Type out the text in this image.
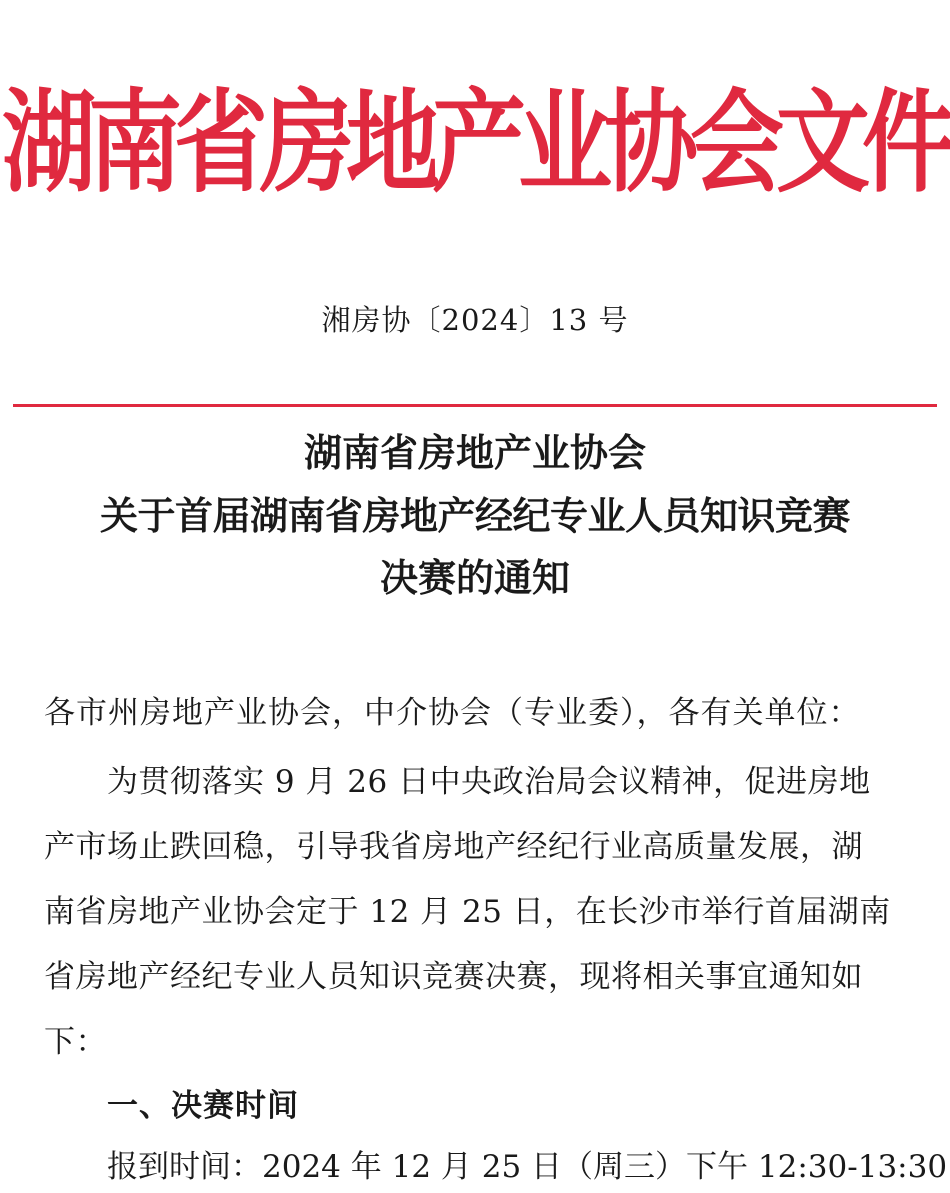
湖南省房地产业协会文件
湘房协〔2024〕13 号
湖南省房地产业协会
关于首届湖南省房地产经纪专业人员知识竞赛
决赛的通知
各市州房地产业协会，中介协会（专业委），各有关单位：
为贯彻落实 9 月 26 日中央政治局会议精神，促进房地
产市场止跌回稳，引导我省房地产经纪行业高质量发展，湖
南省房地产业协会定于 12 月 25 日，在长沙市举行首届湖南
省房地产经纪专业人员知识竞赛决赛，现将相关事宜通知如
下：
一、决赛时间
报到时间：2024 年 12 月 25 日（周三）下午 12:30-13:30
